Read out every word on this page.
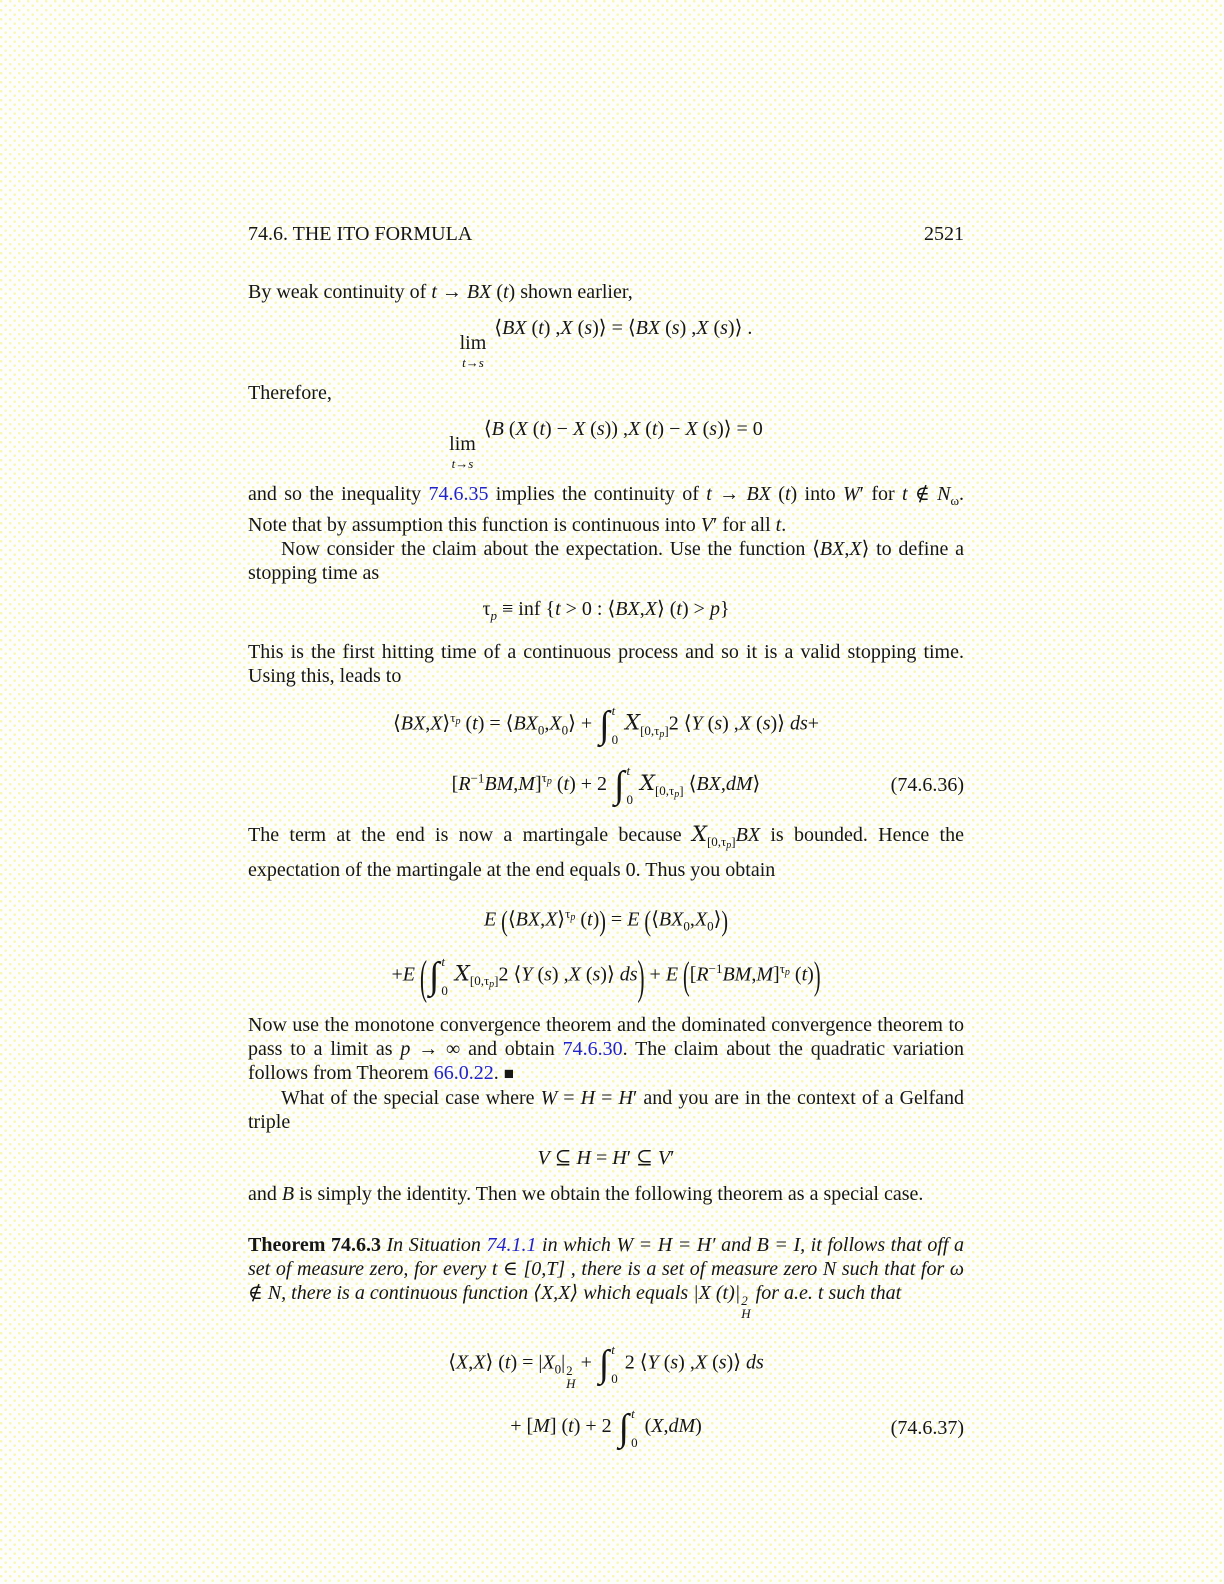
74.6. THE ITO FORMULA	2521

By weak continuity of t → BX (t) shown earlier,

lim
t→s
⟨BX (t) ,X (s)⟩ = ⟨BX (s) ,X (s)⟩ .

Therefore,

lim
t→s
⟨B (X (t) − X (s)) ,X (t) − X (s)⟩ = 0

and so the inequality 74.6.35 implies the continuity of t → BX (t) into W′ for t ∉ $N_\omega$. Note that by assumption this function is continuous into V′ for all t.

Now consider the claim about the expectation. Use the function ⟨BX,X⟩ to define a stopping time as

$\tau_p$ ≡ inf {t > 0 : ⟨BX,X⟩ (t) > p}

This is the first hitting time of a continuous process and so it is a valid stopping time. Using this, leads to

⟨BX,X⟩$^{\tau p}$ $(t) = ⟨BX_0,X_0⟩$ + ∫ t
0
$X_{[0,\tau p]}2$ ⟨Y (s) ,X (s)⟩ ds+
$[R^{-1}BM,M]^{\tau p}$ (t) + 2 ∫ t
0
$X_{[0,\tau p]}$ ⟨BX,dM⟩	(74.6.36)

The term at the end is now a martingale because $X_{[0,\tau p]}BX$ is bounded. Hence the expectation of the martingale at the end equals 0. Thus you obtain

E (⟨BX,X⟩$^{\tau p}$ (t)) = E $(⟨BX_0,X_0⟩)$
+E ( ∫ t
0
$X_{[0,\tau p]}2$ ⟨Y (s) ,X (s)⟩ ds) + E ($[R^{-1}BM,M]^{\tau p}$ (t))

Now use the monotone convergence theorem and the dominated convergence theorem to pass to a limit as p → ∞ and obtain 74.6.30. The claim about the quadratic variation follows from Theorem 66.0.22. ■

What of the special case where W = H = H′ and you are in the context of a Gelfand triple

V ⊆ H = H′ ⊆ V′

and B is simply the identity. Then we obtain the following theorem as a special case.

Theorem 74.6.3 In Situation 74.1.1 in which W = H = H′ and B = I, it follows that off a set of measure zero, for every t ∈ [0,T] , there is a set of measure zero N such that for ω ∉ N, there is a continuous function ⟨X,X⟩ which equals |X (t)| 2
H
for a.e. t such that

⟨X,X⟩ $(t) = |X_0|$ 2
H
+ ∫ t
0
2 ⟨Y (s) ,X (s)⟩ ds
+ [M] (t) + 2 ∫ t
0
(X,dM)	(74.6.37)
